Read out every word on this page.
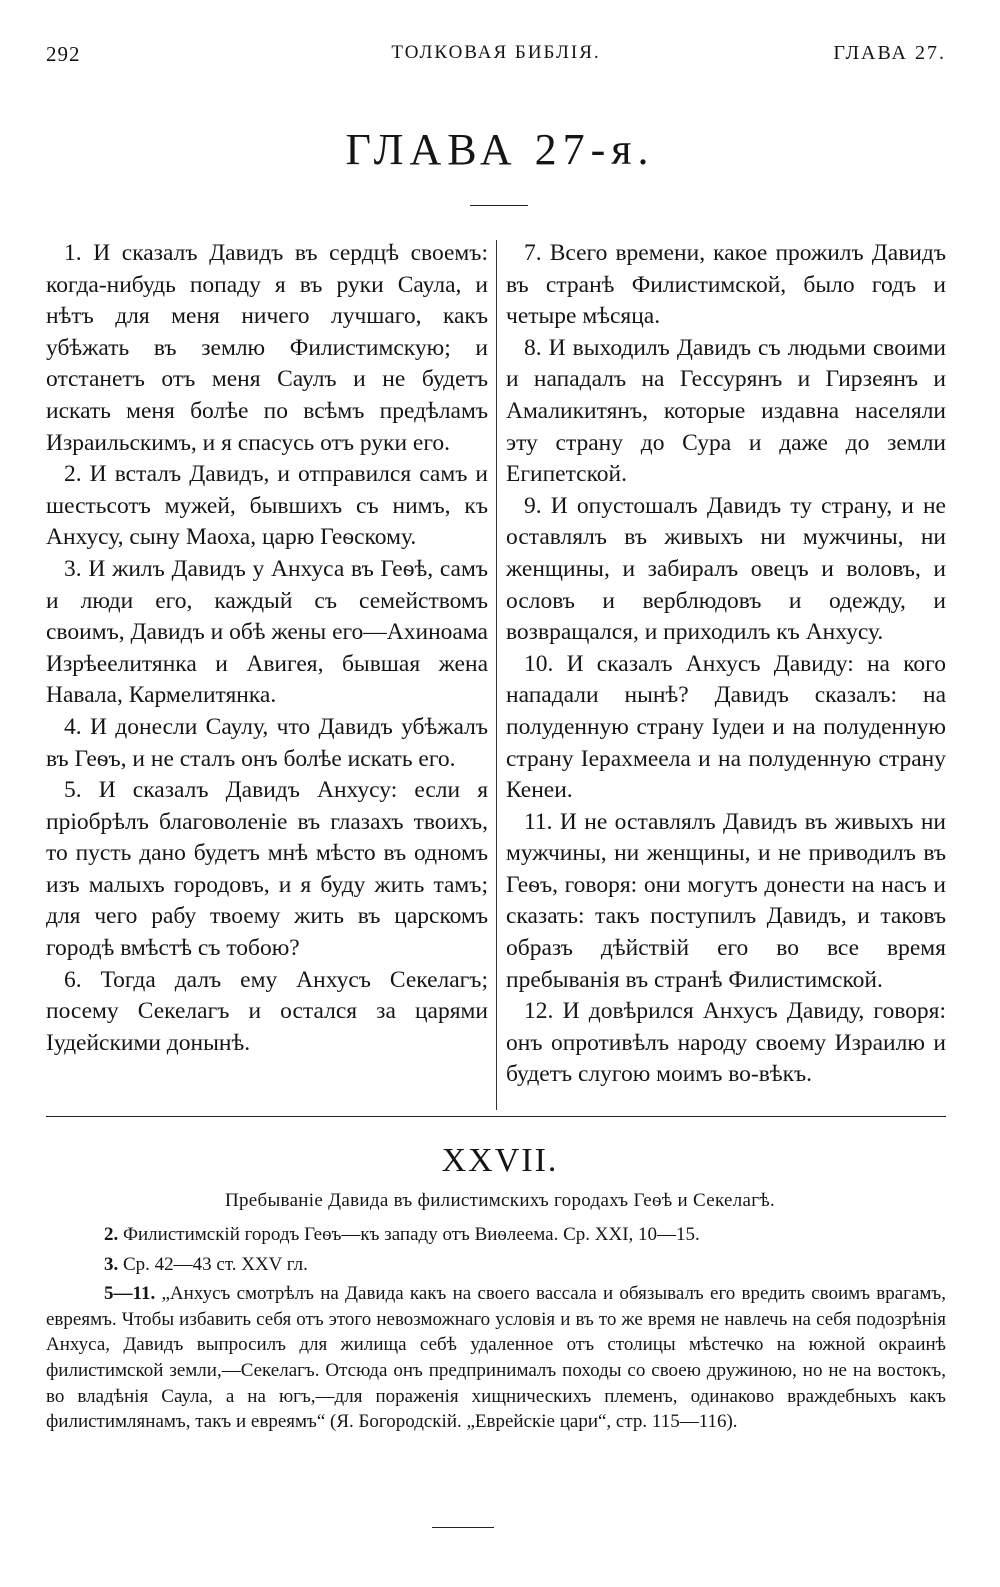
292	ТОЛКОВАЯ БИБЛІЯ.	ГЛАВА 27.
ГЛАВА 27-я.

1. И сказалъ Давидъ въ сердцѣ своемъ: когда-нибудь попаду я въ руки Саула, и нѣтъ для меня ничего лучшаго, какъ убѣжать въ землю Филистимскую; и отстанетъ отъ меня Саулъ и не будетъ искать меня болѣе по всѣмъ предѣламъ Израильскимъ, и я спасусь отъ руки его.

2. И всталъ Давидъ, и отправился самъ и шестьсотъ мужей, бывшихъ съ нимъ, къ Анхусу, сыну Маоха, царю Геѳскому.

3. И жилъ Давидъ у Анхуса въ Геѳѣ, самъ и люди его, каждый съ семействомъ своимъ, Давидъ и обѣ жены его—Ахиноама Изрѣеелитянка и Авигея, бывшая жена Навала, Кармелитянка.

4. И донесли Саулу, что Давидъ убѣжалъ въ Геѳъ, и не сталъ онъ болѣе искать его.

5. И сказалъ Давидъ Анхусу: если я пріобрѣлъ благоволеніе въ глазахъ твоихъ, то пусть дано будетъ мнѣ мѣсто въ одномъ изъ малыхъ городовъ, и я буду жить тамъ; для чего рабу твоему жить въ царскомъ городѣ вмѣстѣ съ тобою?

6. Тогда далъ ему Анхусъ Секелагъ; посему Секелагъ и остался за царями Іудейскими донынѣ.

7. Всего времени, какое прожилъ Давидъ въ странѣ Филистимской, было годъ и четыре мѣсяца.

8. И выходилъ Давидъ съ людьми своими и нападалъ на Гессурянъ и Гирзеянъ и Амаликитянъ, которые издавна населяли эту страну до Сура и даже до земли Египетской.

9. И опустошалъ Давидъ ту страну, и не оставлялъ въ живыхъ ни мужчины, ни женщины, и забиралъ овецъ и воловъ, и ословъ и верблюдовъ и одежду, и возвращался, и приходилъ къ Анхусу.

10. И сказалъ Анхусъ Давиду: на кого нападали нынѣ? Давидъ сказалъ: на полуденную страну Іудеи и на полуденную страну Іерахмеела и на полуденную страну Кенеи.

11. И не оставлялъ Давидъ въ живыхъ ни мужчины, ни женщины, и не приводилъ въ Геѳъ, говоря: они могутъ донести на насъ и сказать: такъ поступилъ Давидъ, и таковъ образъ дѣйствій его во все время пребыванія въ странѣ Филистимской.

12. И довѣрился Анхусъ Давиду, говоря: онъ опротивѣлъ народу своему Израилю и будетъ слугою моимъ во-вѣкъ.

XXVII.
Пребываніе Давида въ филистимскихъ городахъ Геѳѣ и Секелагѣ.

2. Филистимскій городъ Геѳъ—къ западу отъ Виѳлеема. Ср. XXI, 10—15.

3. Ср. 42—43 ст. XXV гл.

5—11. „Анхусъ смотрѣлъ на Давида какъ на своего вассала и обязывалъ его вредить своимъ врагамъ, евреямъ. Чтобы избавить себя отъ этого невозможнаго условія и въ то же время не навлечь на себя подозрѣнія Анхуса, Давидъ выпросилъ для жилища себѣ удаленное отъ столицы мѣстечко на южной окраинѣ филистимской земли,—Секелагъ. Отсюда онъ предпринималъ походы со своею дружиною, но не на востокъ, во владѣнія Саула, а на югъ,—для пораженія хищническихъ племенъ, одинаково враждебныхъ какъ филистимлянамъ, такъ и евреямъ“ (Я. Богородскій. „Еврейскіе цари“, стр. 115—116).
